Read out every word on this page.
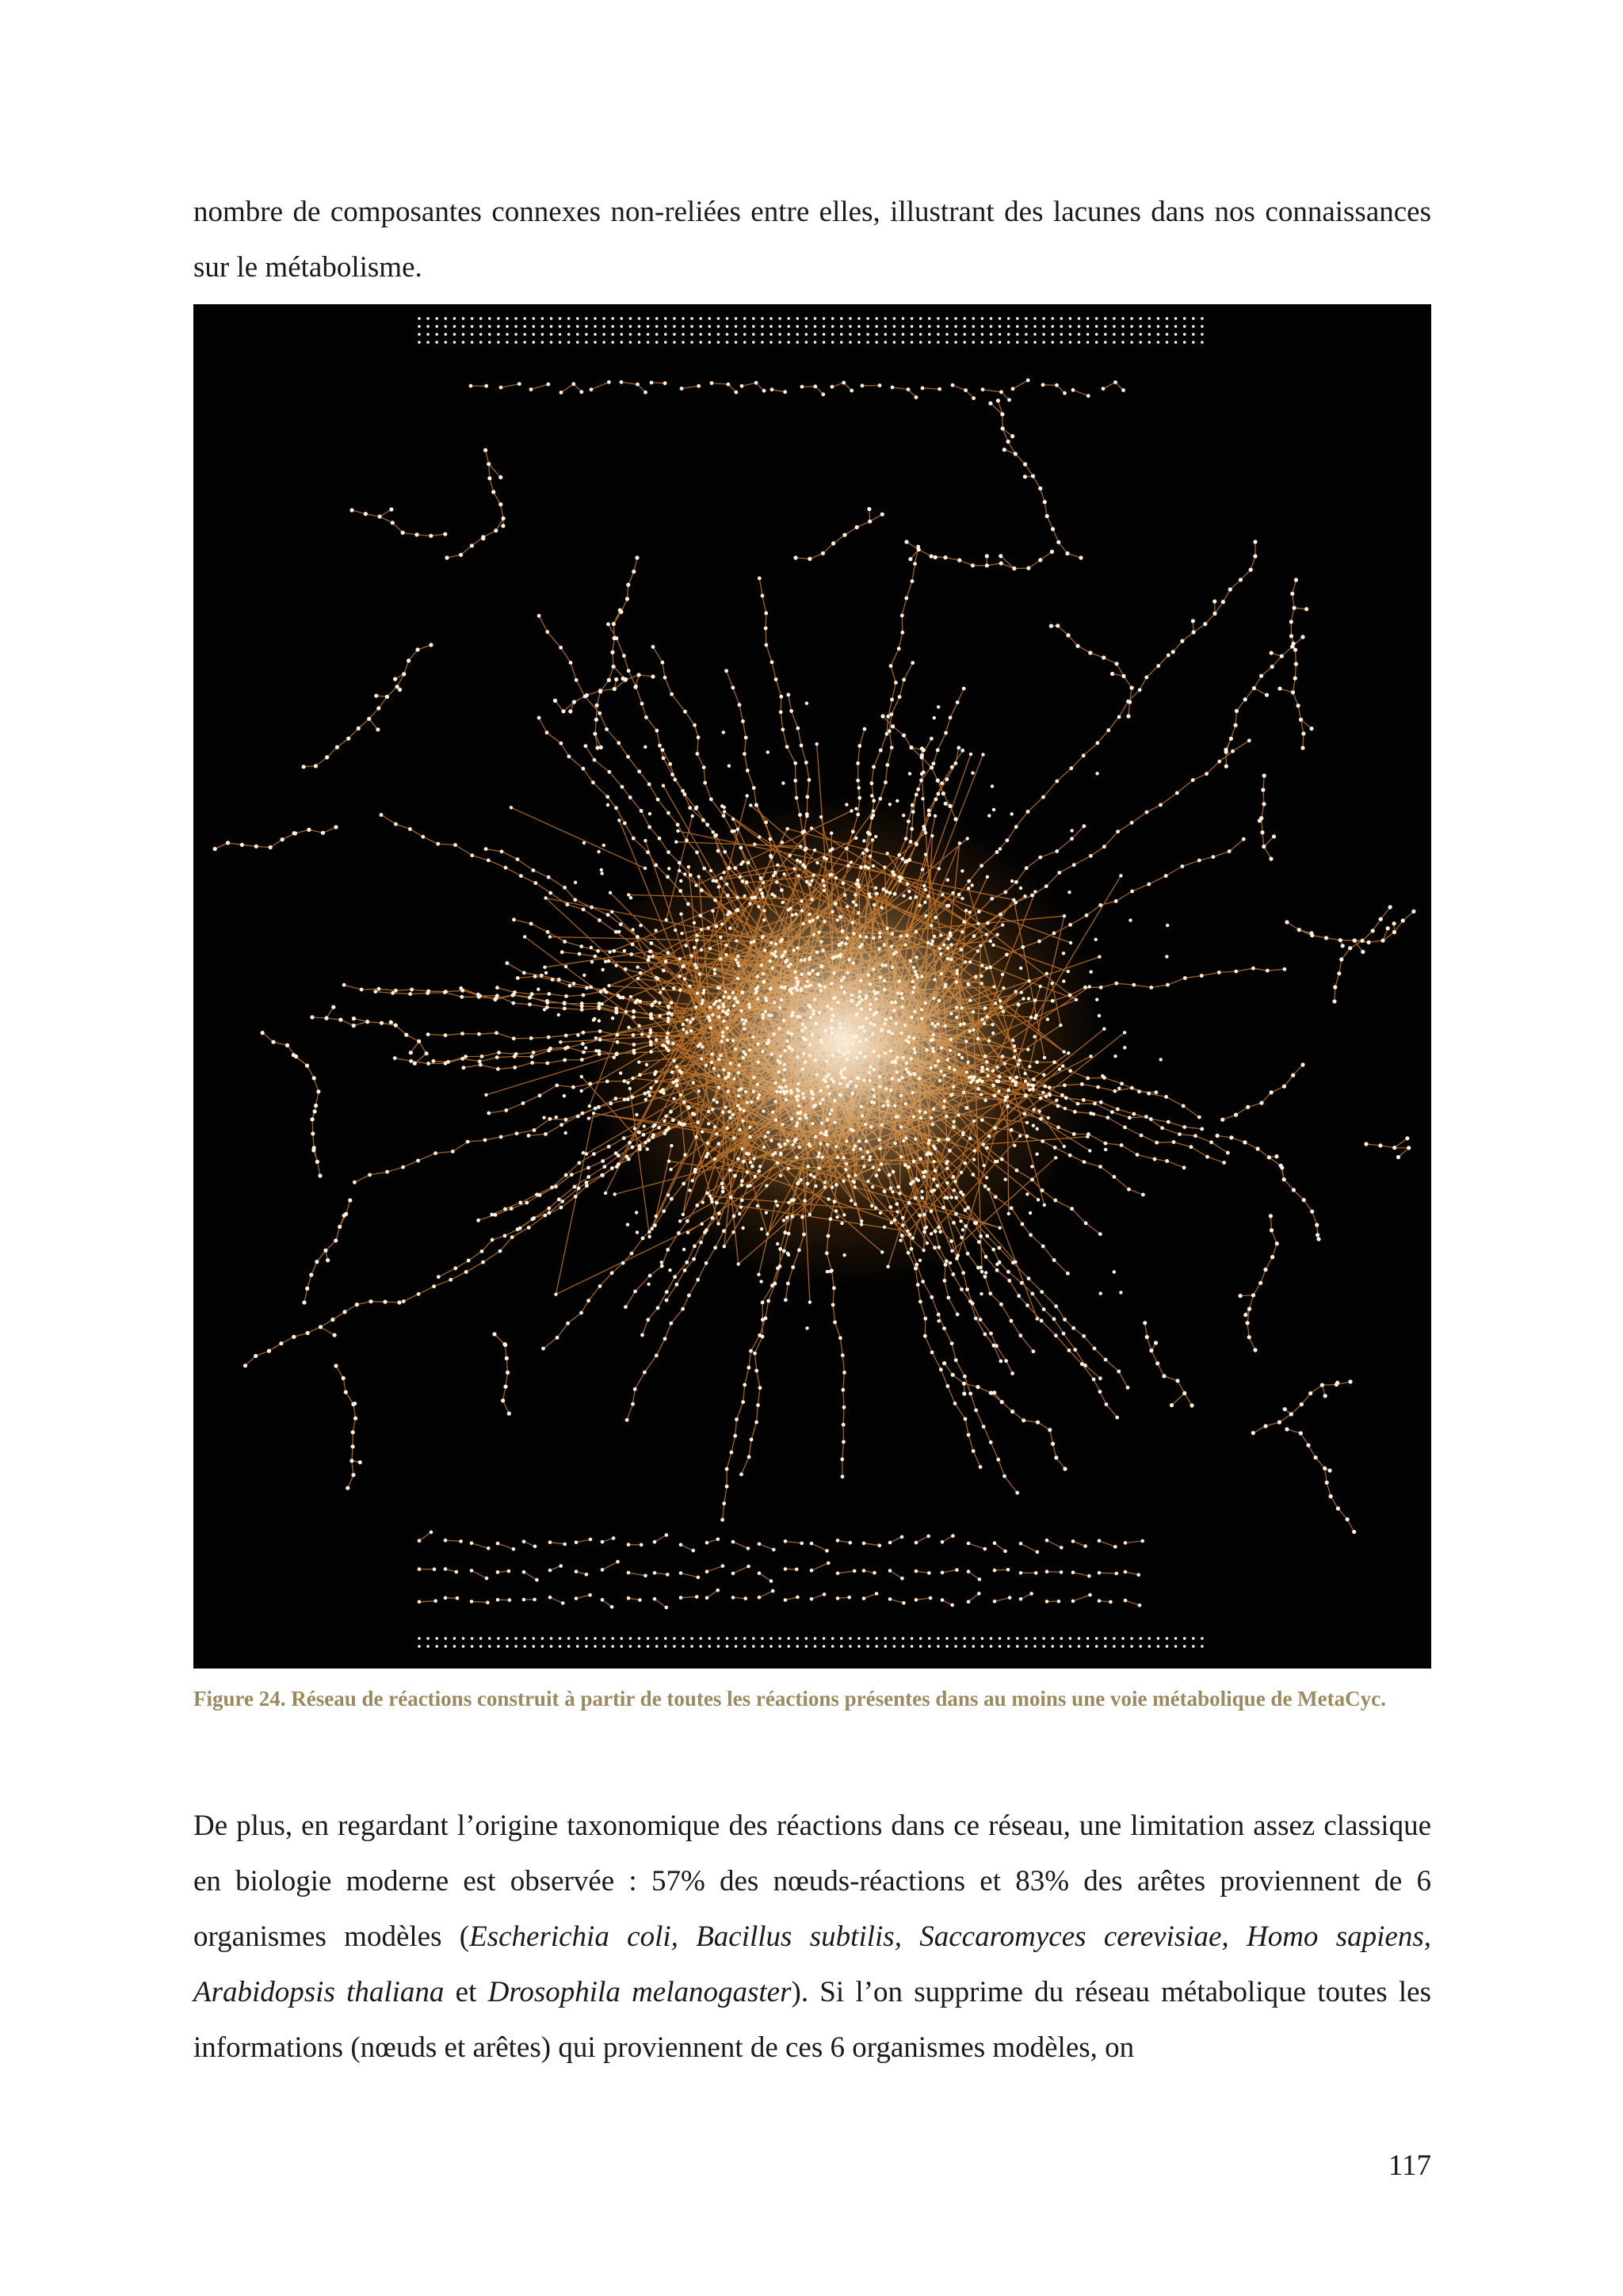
nombre de composantes connexes non-reliées entre elles, illustrant des lacunes dans nos connaissances sur le métabolisme.

Figure 24. Réseau de réactions construit à partir de toutes les réactions présentes dans au moins une voie métabolique de MetaCyc.

De plus, en regardant l’origine taxonomique des réactions dans ce réseau, une limitation assez classique en biologie moderne est observée : 57% des nœuds-réactions et 83% des arêtes proviennent de 6 organismes modèles (Escherichia coli, Bacillus subtilis, Saccaromyces cerevisiae, Homo sapiens, Arabidopsis thaliana et Drosophila melanogaster). Si l’on supprime du réseau métabolique toutes les informations (nœuds et arêtes) qui proviennent de ces 6 organismes modèles, on

117
